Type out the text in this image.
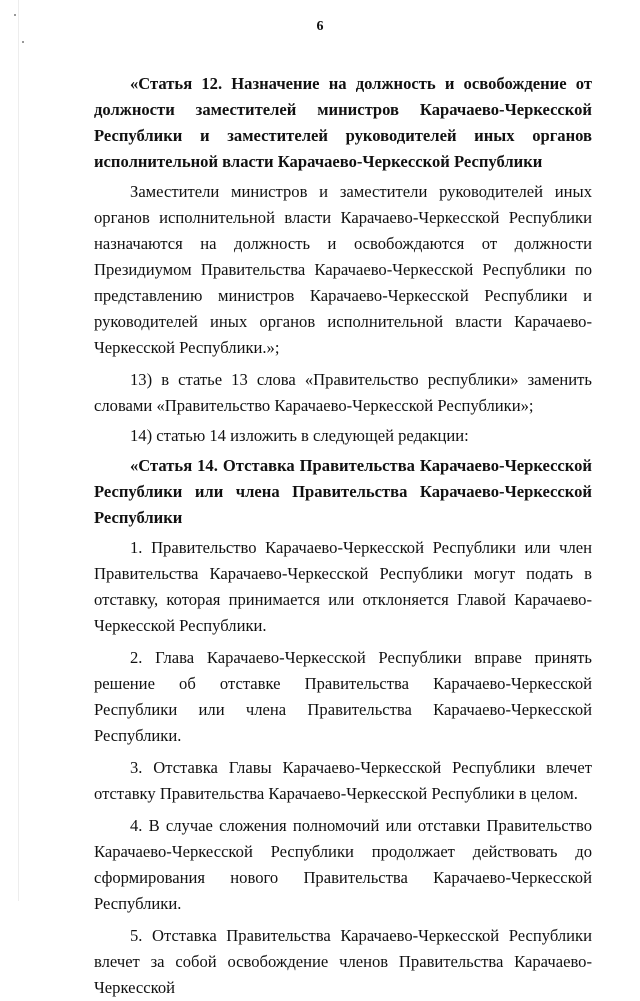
6

«Статья 12. Назначение на должность и освобождение от должности заместителей министров Карачаево-Черкесской Республики и заместителей руководителей иных органов исполнительной власти Карачаево-Черкесской Республики

Заместители министров и заместители руководителей иных органов исполнительной власти Карачаево-Черкесской Республики назначаются на должность и освобождаются от должности Президиумом Правительства Карачаево-Черкесской Республики по представлению министров Карачаево-Черкесской Республики и руководителей иных органов исполнительной власти Карачаево-Черкесской Республики.»;

13) в статье 13 слова «Правительство республики» заменить словами «Правительство Карачаево-Черкесской Республики»;

14) статью 14 изложить в следующей редакции:

«Статья 14. Отставка Правительства Карачаево-Черкесской Республики или члена Правительства Карачаево-Черкесской Республики

1. Правительство Карачаево-Черкесской Республики или член Правительства Карачаево-Черкесской Республики могут подать в отставку, которая принимается или отклоняется Главой Карачаево-Черкесской Республики.

2. Глава Карачаево-Черкесской Республики вправе принять решение об отставке Правительства Карачаево-Черкесской Республики или члена Правительства Карачаево-Черкесской Республики.

3. Отставка Главы Карачаево-Черкесской Республики влечет отставку Правительства Карачаево-Черкесской Республики в целом.

4. В случае сложения полномочий или отставки Правительство Карачаево-Черкесской Республики продолжает действовать до сформирования нового Правительства Карачаево-Черкесской Республики.

5. Отставка Правительства Карачаево-Черкесской Республики влечет за собой освобождение членов Правительства Карачаево-Черкесской
